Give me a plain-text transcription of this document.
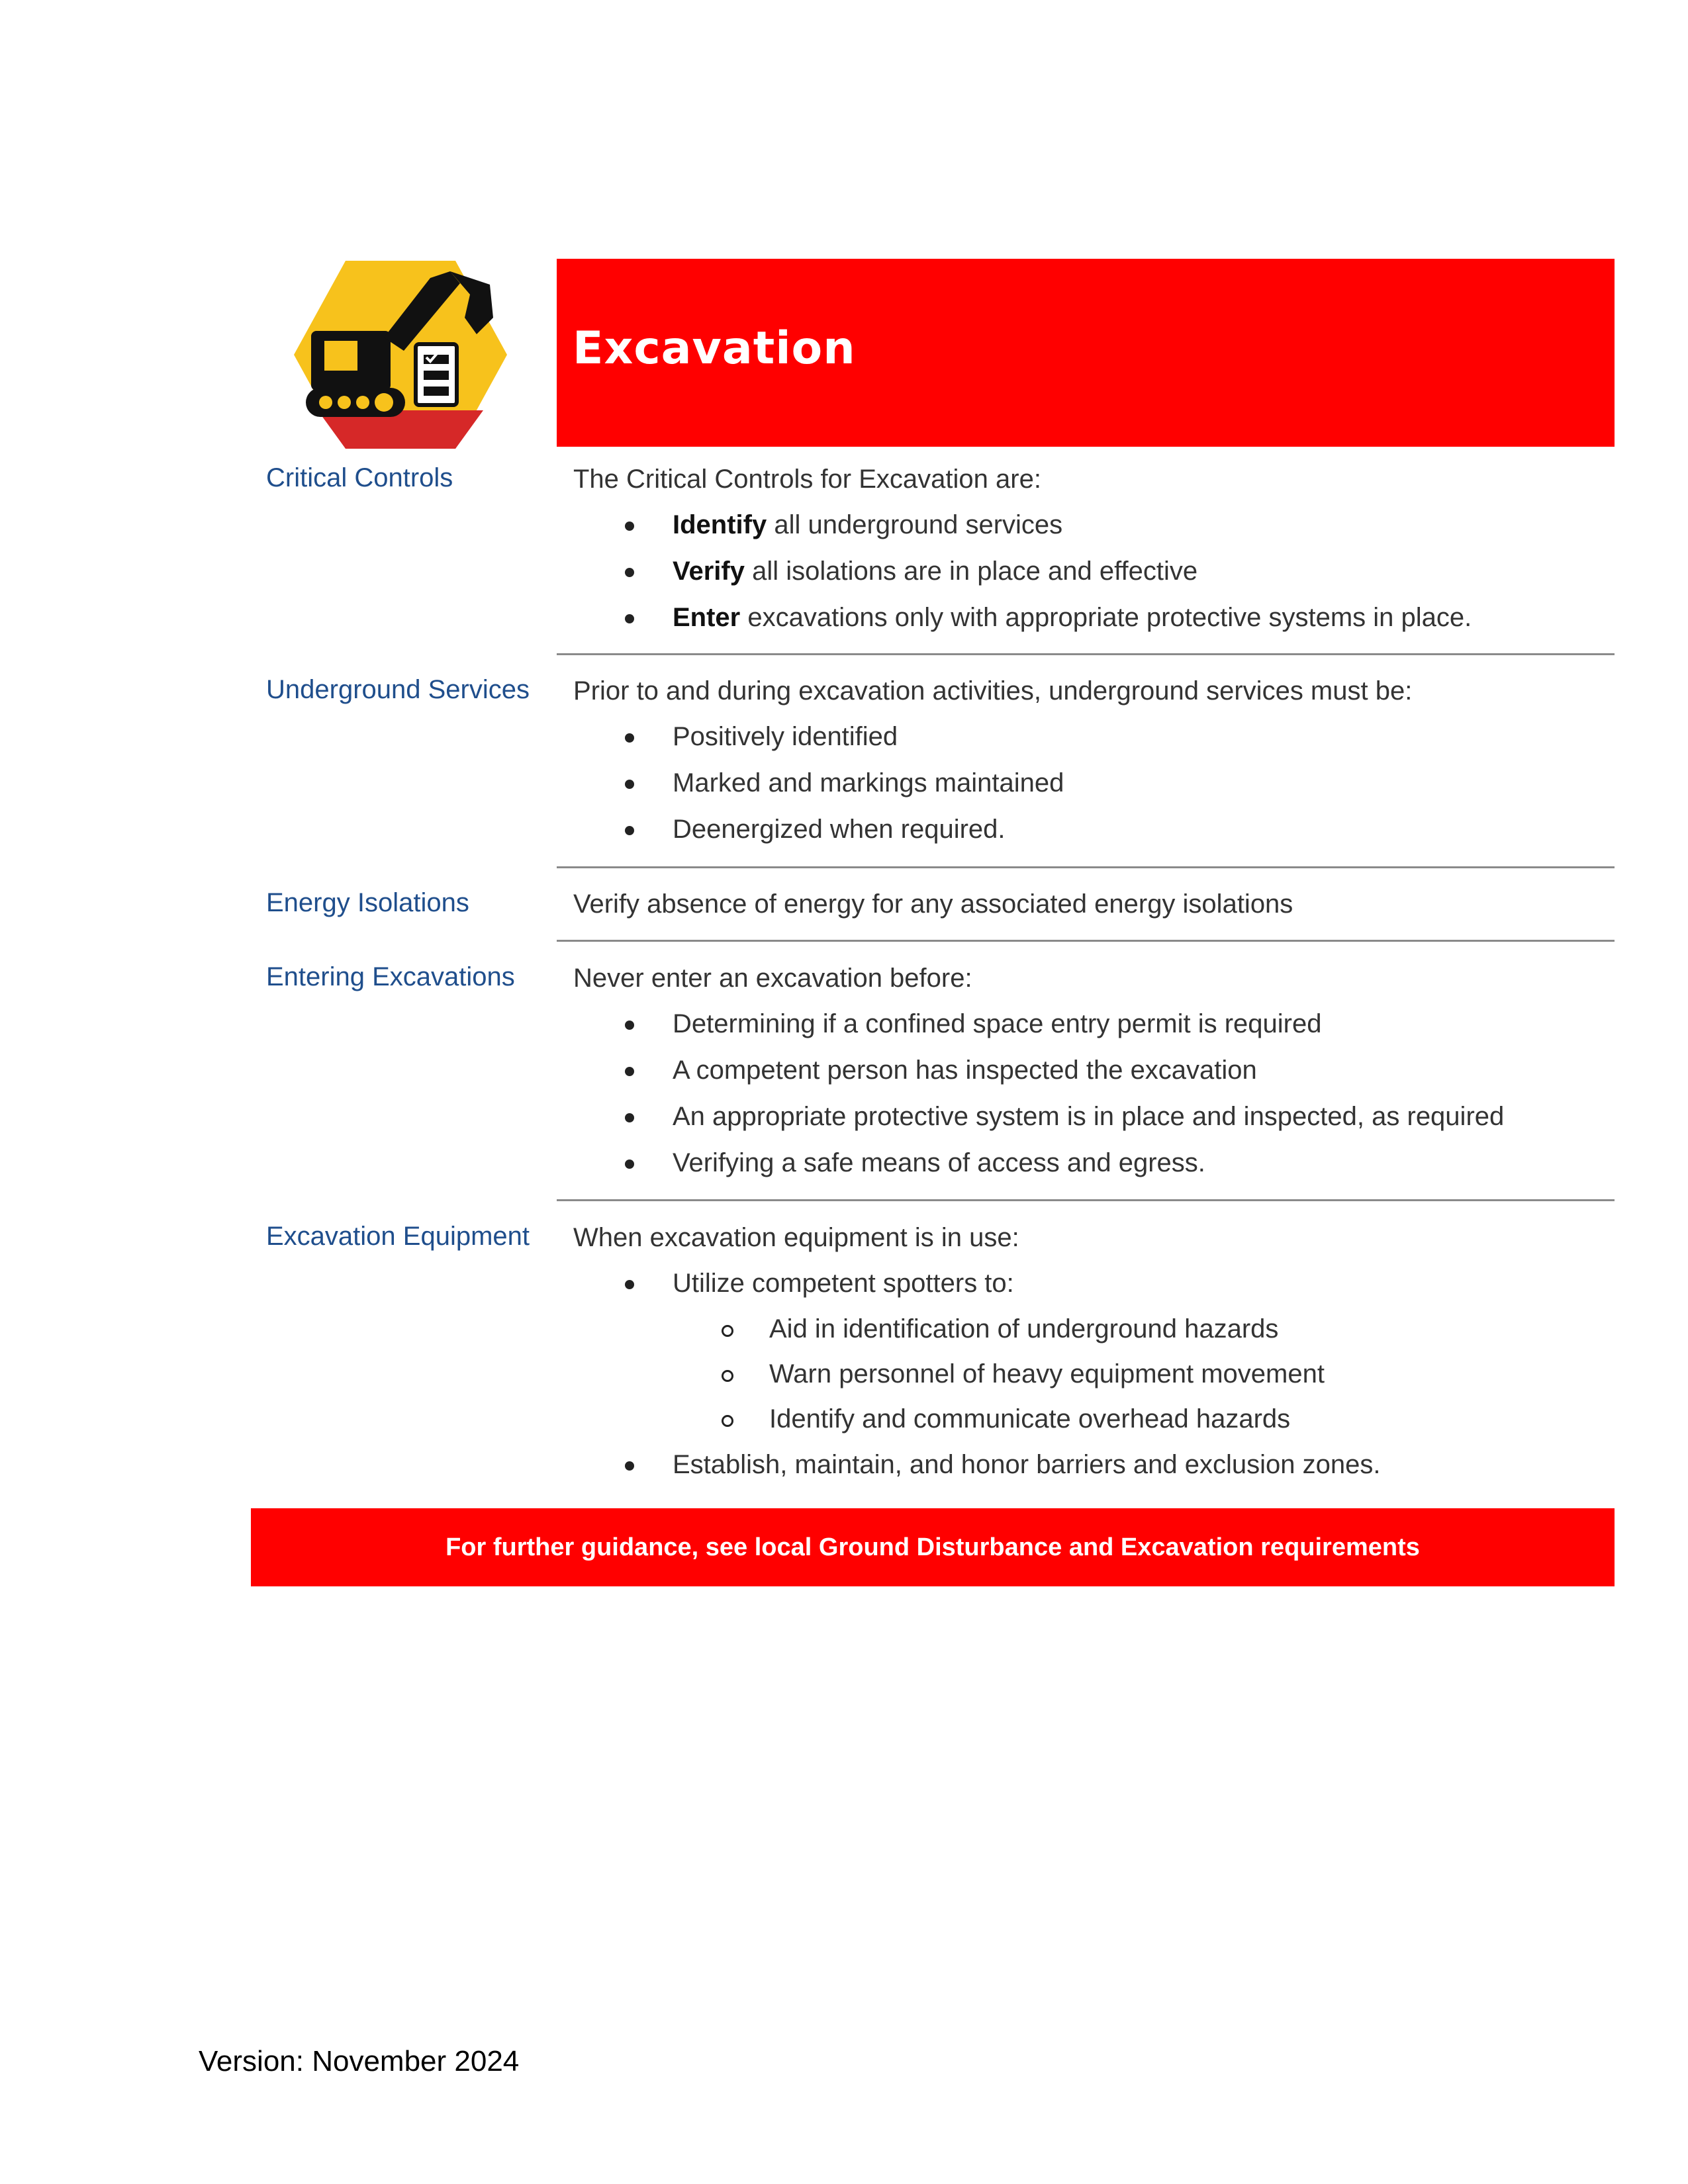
Excavation
Critical Controls	The Critical Controls for Excavation are:
Identify all underground services
Verify all isolations are in place and effective
Enter excavations only with appropriate protective systems in place.
Underground Services Prior to and during excavation activities, underground services must be:
Positively identified
Marked and markings maintained
Deenergized when required.
Energy Isolations	Verify absence of energy for any associated energy isolations
Entering Excavations Never enter an excavation before:
Determining if a confined space entry permit is required
A competent person has inspected the excavation
An appropriate protective system is in place and inspected, as required
Verifying a safe means of access and egress.
Excavation Equipment When excavation equipment is in use:
Utilize competent spotters to:
Aid in identification of underground hazards
Warn personnel of heavy equipment movement
Identify and communicate overhead hazards
Establish, maintain, and honor barriers and exclusion zones.
For further guidance, see local Ground Disturbance and Excavation requirements
Version: November 2024
